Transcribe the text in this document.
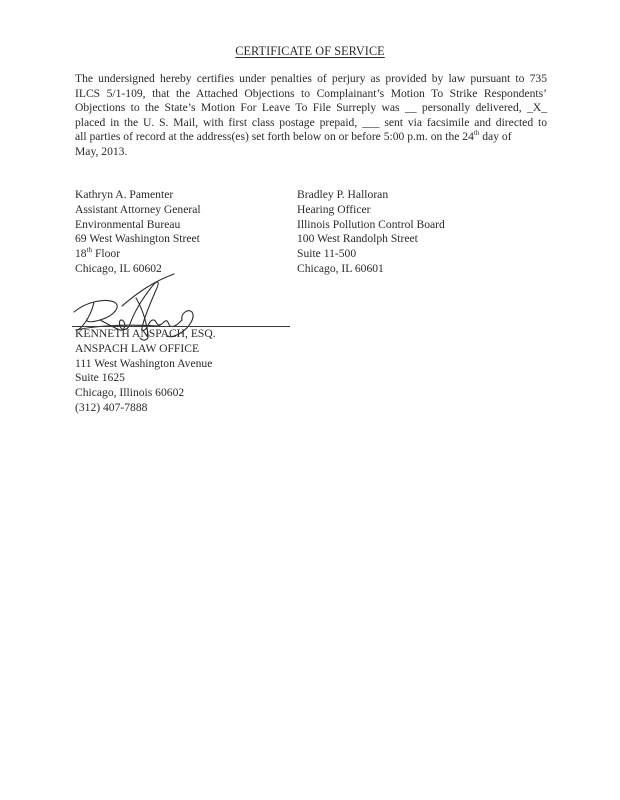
CERTIFICATE OF SERVICE
The undersigned hereby certifies under penalties of perjury as provided by law pursuant to 735
ILCS 5/1-109, that the Attached Objections to Complainant’s Motion To Strike Respondents’
Objections to the State’s Motion For Leave To File Surreply was __ personally delivered, _X_
placed in the U. S. Mail, with first class postage prepaid, ___ sent via facsimile and directed to
all parties of record at the address(es) set forth below on or before 5:00 p.m. on the 24th day of
May, 2013.
Kathryn A. Pamenter
Assistant Attorney General
Environmental Bureau
69 West Washington Street
18th Floor
Chicago, IL 60602
Bradley P. Halloran
Hearing Officer
Illinois Pollution Control Board
100 West Randolph Street
Suite 11-500
Chicago, IL 60601
KENNETH ANSPACH, ESQ.
ANSPACH LAW OFFICE
111 West Washington Avenue
Suite 1625
Chicago, Illinois 60602
(312) 407-7888
